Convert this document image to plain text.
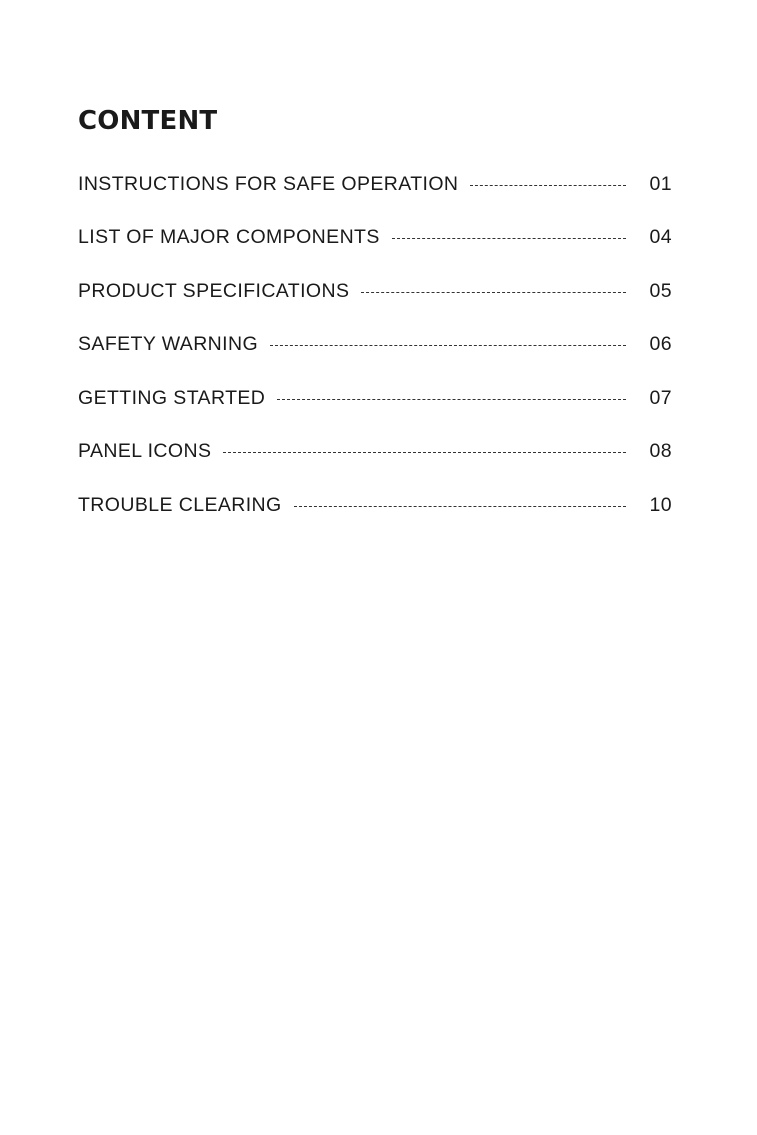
CONTENT
INSTRUCTIONS FOR SAFE OPERATION	01
LIST OF MAJOR COMPONENTS	04
PRODUCT SPECIFICATIONS	05
SAFETY WARNING	06
GETTING STARTED	07
PANEL ICONS	08
TROUBLE CLEARING	10
